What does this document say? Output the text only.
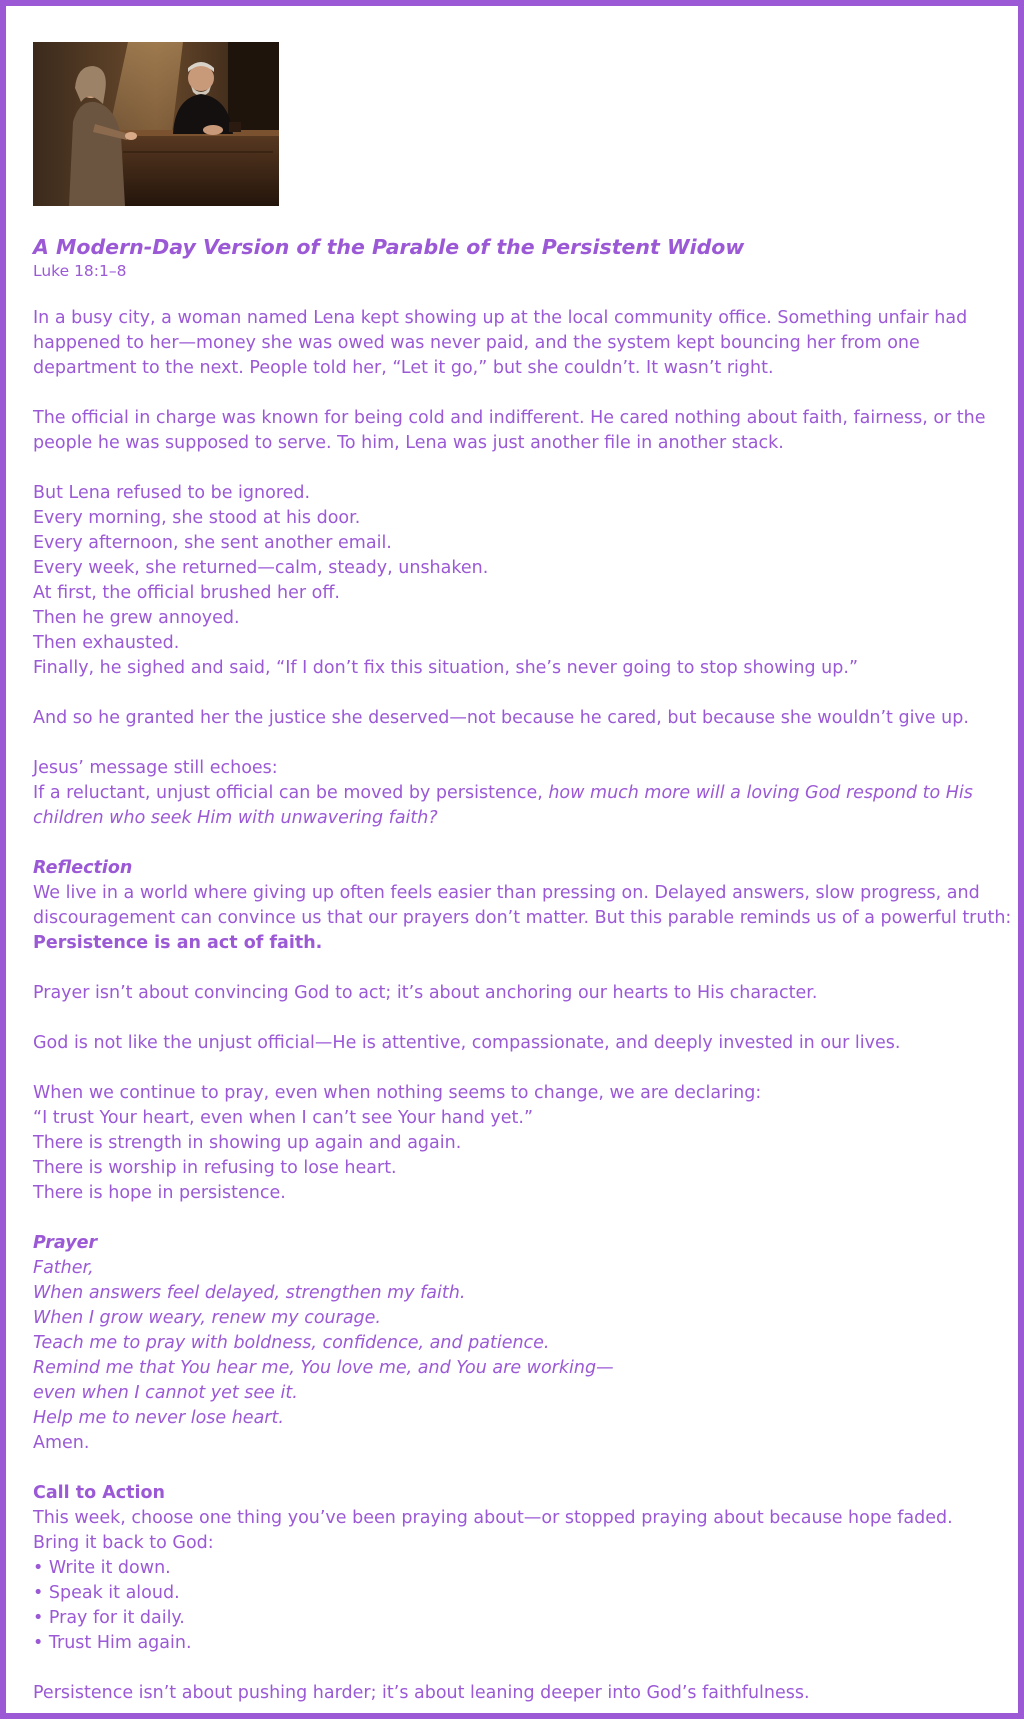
A Modern-Day Version of the Parable of the Persistent Widow
Luke 18:1–8
In a busy city, a woman named Lena kept showing up at the local community office. Something unfair had
happened to her—money she was owed was never paid, and the system kept bouncing her from one
department to the next. People told her, “Let it go,” but she couldn’t. It wasn’t right.
The official in charge was known for being cold and indifferent. He cared nothing about faith, fairness, or the
people he was supposed to serve. To him, Lena was just another file in another stack.
But Lena refused to be ignored.
Every morning, she stood at his door.
Every afternoon, she sent another email.
Every week, she returned—calm, steady, unshaken.
At first, the official brushed her off.
Then he grew annoyed.
Then exhausted.
Finally, he sighed and said, “If I don’t fix this situation, she’s never going to stop showing up.”
And so he granted her the justice she deserved—not because he cared, but because she wouldn’t give up.
Jesus’ message still echoes:
If a reluctant, unjust official can be moved by persistence, how much more will a loving God respond to His
children who seek Him with unwavering faith?
Reflection
We live in a world where giving up often feels easier than pressing on. Delayed answers, slow progress, and
discouragement can convince us that our prayers don’t matter. But this parable reminds us of a powerful truth:
Persistence is an act of faith.
Prayer isn’t about convincing God to act; it’s about anchoring our hearts to His character.
God is not like the unjust official—He is attentive, compassionate, and deeply invested in our lives.
When we continue to pray, even when nothing seems to change, we are declaring:
“I trust Your heart, even when I can’t see Your hand yet.”
There is strength in showing up again and again.
There is worship in refusing to lose heart.
There is hope in persistence.
Prayer
Father,
When answers feel delayed, strengthen my faith.
When I grow weary, renew my courage.
Teach me to pray with boldness, confidence, and patience.
Remind me that You hear me, You love me, and You are working—
even when I cannot yet see it.
Help me to never lose heart.
Amen.
Call to Action
This week, choose one thing you’ve been praying about—or stopped praying about because hope faded.
Bring it back to God:
• Write it down.
• Speak it aloud.
• Pray for it daily.
• Trust Him again.
Persistence isn’t about pushing harder; it’s about leaning deeper into God’s faithfulness.
